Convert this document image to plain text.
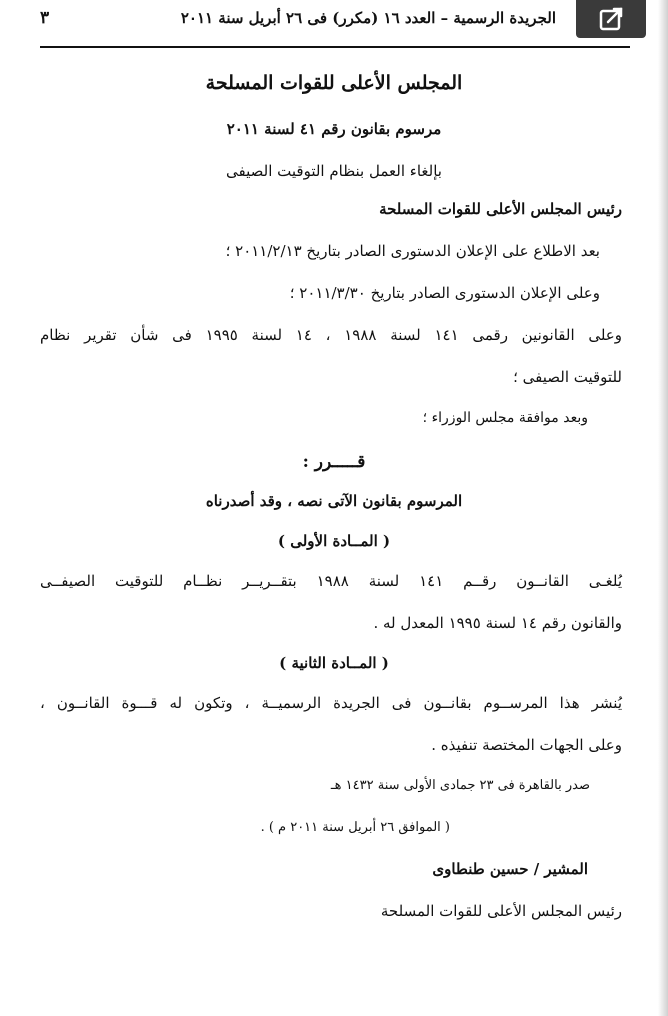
الجريدة الرسمية – العدد ١٦ (مكرر) فى ٢٦ أبريل سنة ٢٠١١
٣
المجلس الأعلى للقوات المسلحة
مرسوم بقانون رقم ٤١ لسنة ٢٠١١
بإلغاء العمل بنظام التوقيت الصيفى
رئيس المجلس الأعلى للقوات المسلحة
بعد الاطلاع على الإعلان الدستورى الصادر بتاريخ ٢٠١١/٢/١٣ ؛
وعلى الإعلان الدستورى الصادر بتاريخ ٢٠١١/٣/٣٠ ؛
وعلى القانونين رقمى ١٤١ لسنة ١٩٨٨ ، ١٤ لسنة ١٩٩٥ فى شأن تقرير نظام
للتوقيت الصيفى ؛
وبعد موافقة مجلس الوزراء ؛
قـــــرر :
المرسوم بقانون الآتى نصه ، وقد أصدرناه
( المــادة الأولى )
يُلغـى القانــون رقــم ١٤١ لسنة ١٩٨٨ بتقــريــر نظــام للتوقيت الصيفــى
والقانون رقم ١٤ لسنة ١٩٩٥ المعدل له .
( المــادة الثانية )
يُنشر هذا المرســوم بقانــون فى الجريدة الرسميــة ، وتكون له قـــوة القانــون ،
وعلى الجهات المختصة تنفيذه .
صدر بالقاهرة فى ٢٣ جمادى الأولى سنة ١٤٣٢ هـ
( الموافق ٢٦ أبريل سنة ٢٠١١ م ) .
المشير / حسين طنطاوى
رئيس المجلس الأعلى للقوات المسلحة
